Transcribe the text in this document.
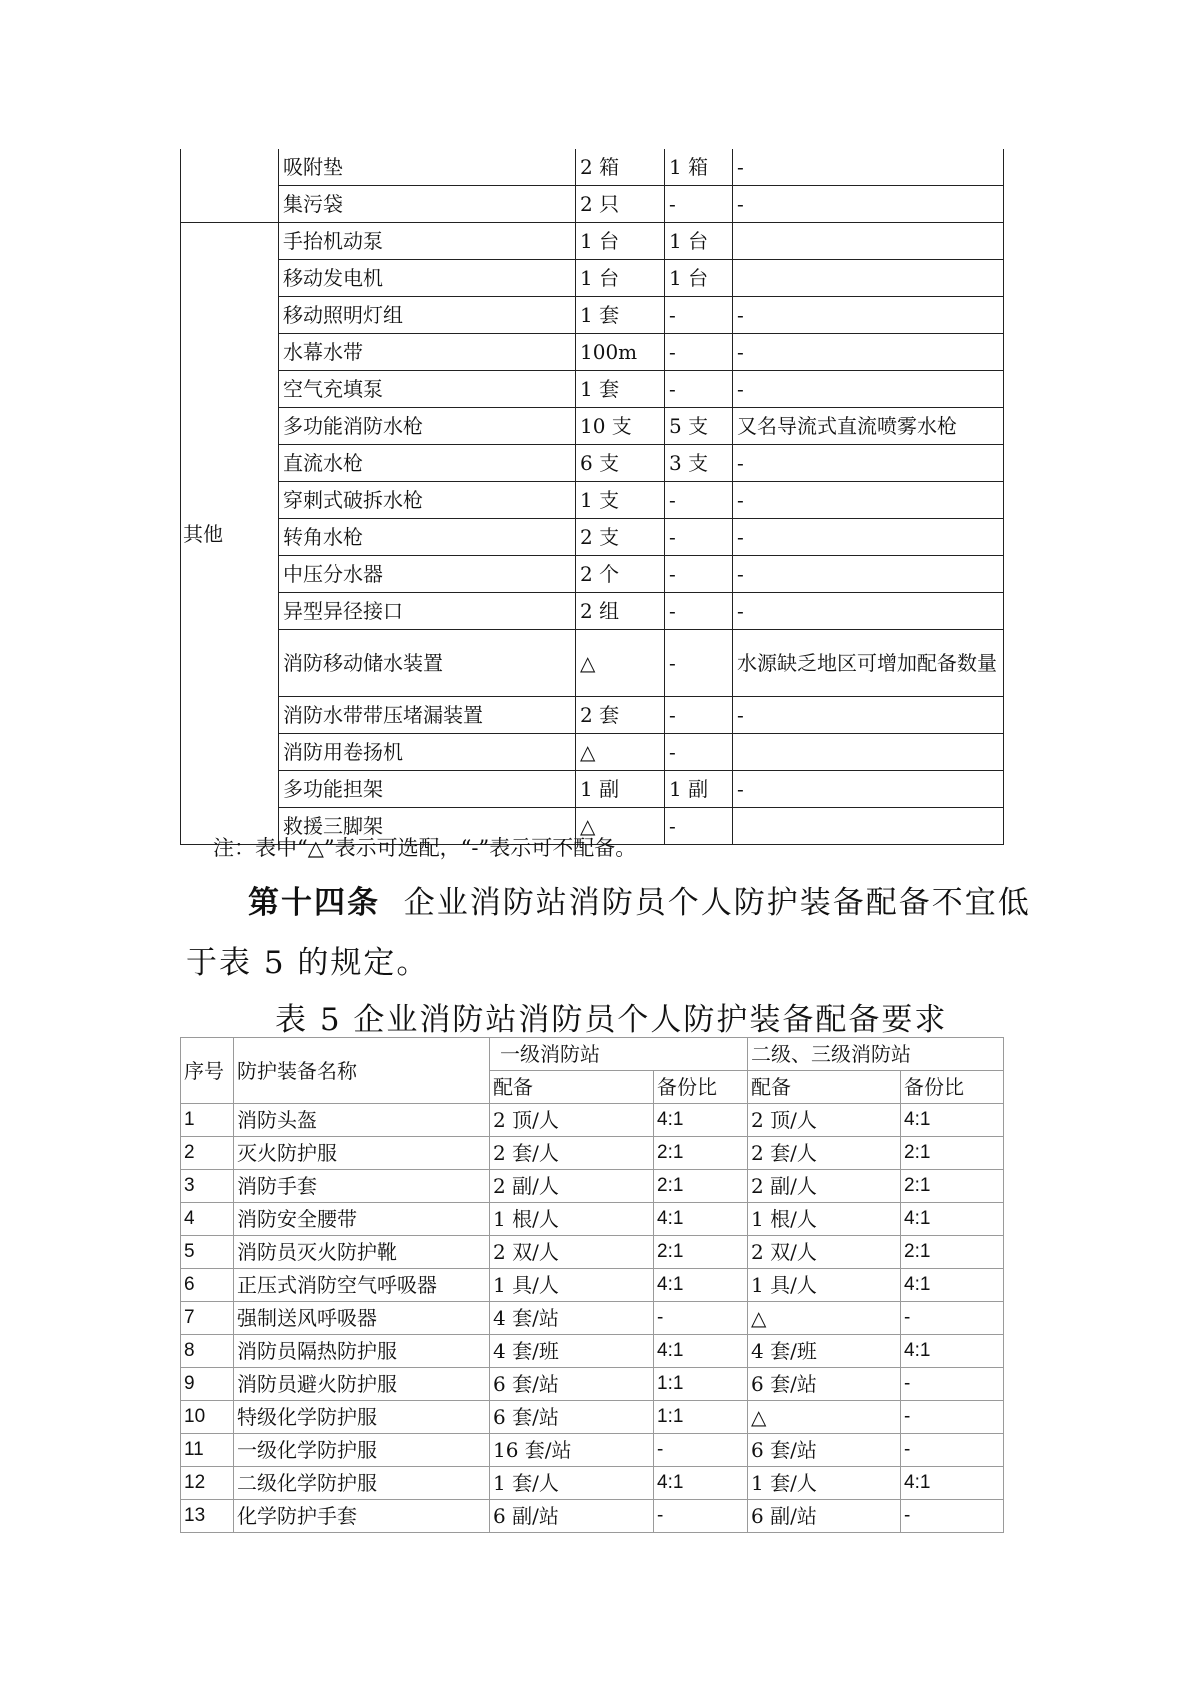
	吸附垫	2 箱	1 箱	-
	集污袋	2 只	-	-
其他	手抬机动泵	1 台	1 台	
	移动发电机	1 台	1 台	
	移动照明灯组	1 套	-	-
	水幕水带	100m	-	-
	空气充填泵	1 套	-	-
	多功能消防水枪	10 支	5 支	又名导流式直流喷雾水枪
	直流水枪	6 支	3 支	-
	穿刺式破拆水枪	1 支	-	-
	转角水枪	2 支	-	-
	中压分水器	2 个	-	-
	异型异径接口	2 组	-	-
	消防移动储水装置	△	-	水源缺乏地区可增加配备数量
	消防水带带压堵漏装置	2 套	-	-
	消防用卷扬机	△	-	
	多功能担架	1 副	1 副	-
	救援三脚架	△	-	
注：表中“△”表示可选配，“-”表示可不配备。
第十四条 企业消防站消防员个人防护装备配备不宜低
于表 5 的规定。
表 5 企业消防站消防员个人防护装备配备要求
序号	防护装备名称	一级消防站		二级、三级消防站	
		配备	备份比	配备	备份比
1	消防头盔	2 顶/人	4:1	2 顶/人	4:1
2	灭火防护服	2 套/人	2:1	2 套/人	2:1
3	消防手套	2 副/人	2:1	2 副/人	2:1
4	消防安全腰带	1 根/人	4:1	1 根/人	4:1
5	消防员灭火防护靴	2 双/人	2:1	2 双/人	2:1
6	正压式消防空气呼吸器	1 具/人	4:1	1 具/人	4:1
7	强制送风呼吸器	4 套/站	-	△	-
8	消防员隔热防护服	4 套/班	4:1	4 套/班	4:1
9	消防员避火防护服	6 套/站	1:1	6 套/站	-
10	特级化学防护服	6 套/站	1:1	△	-
11	一级化学防护服	16 套/站	-	6 套/站	-
12	二级化学防护服	1 套/人	4:1	1 套/人	4:1
13	化学防护手套	6 副/站	-	6 副/站	-
